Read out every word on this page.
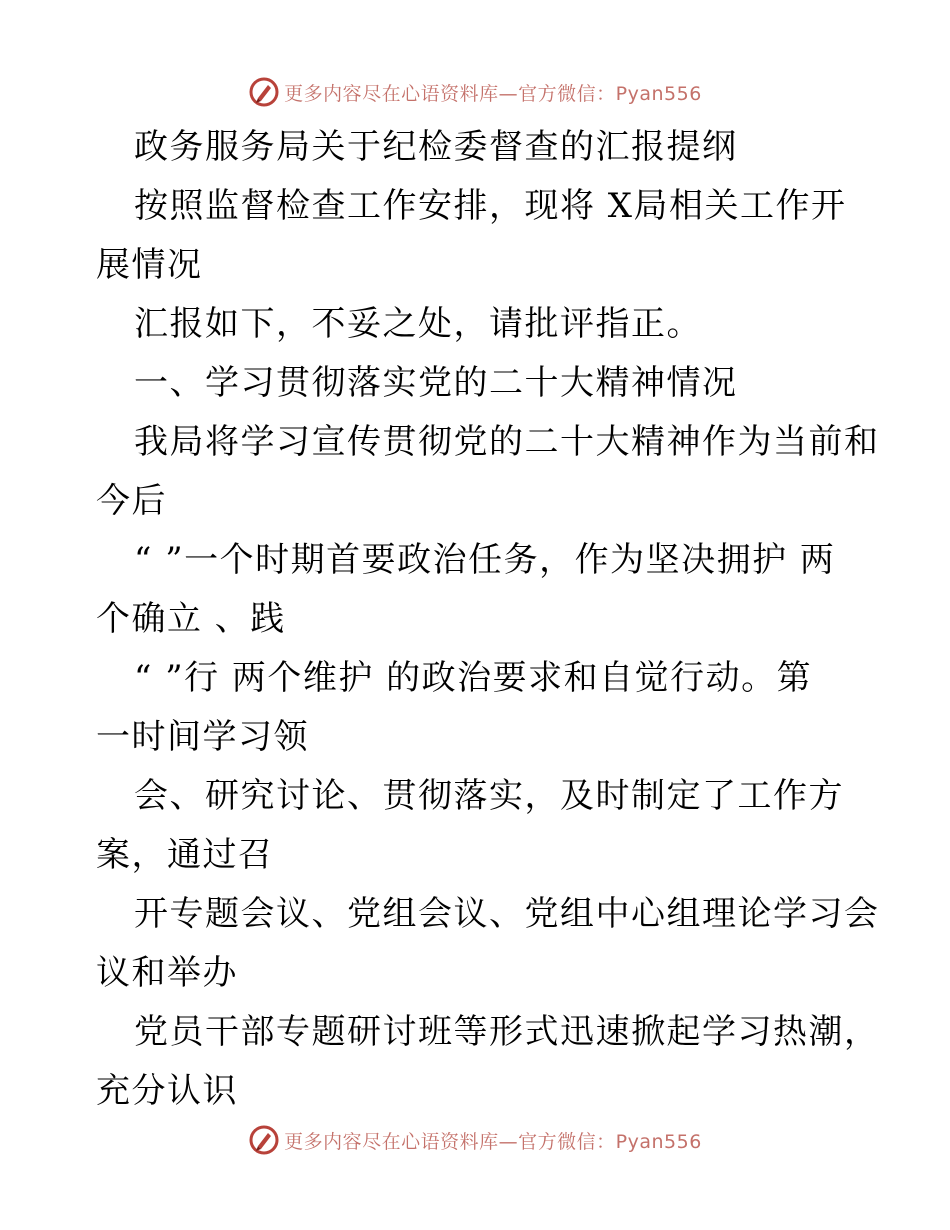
更多内容尽在心语资料库—官方微信：Pyan556
政务服务局关于纪检委督查的汇报提纲
按照监督检查工作安排，现将 X局相关工作开
展情况
汇报如下，不妥之处，请批评指正。
一、学习贯彻落实党的二十大精神情况
我局将学习宣传贯彻党的二十大精神作为当前和
今后
“ ”一个时期首要政治任务，作为坚决拥护 两
个确立 、践
“ ”行 两个维护 的政治要求和自觉行动。第
一时间学习领
会、研究讨论、贯彻落实，及时制定了工作方
案，通过召
开专题会议、党组会议、党组中心组理论学习会
议和举办
党员干部专题研讨班等形式迅速掀起学习热潮，
充分认识
更多内容尽在心语资料库—官方微信：Pyan556
